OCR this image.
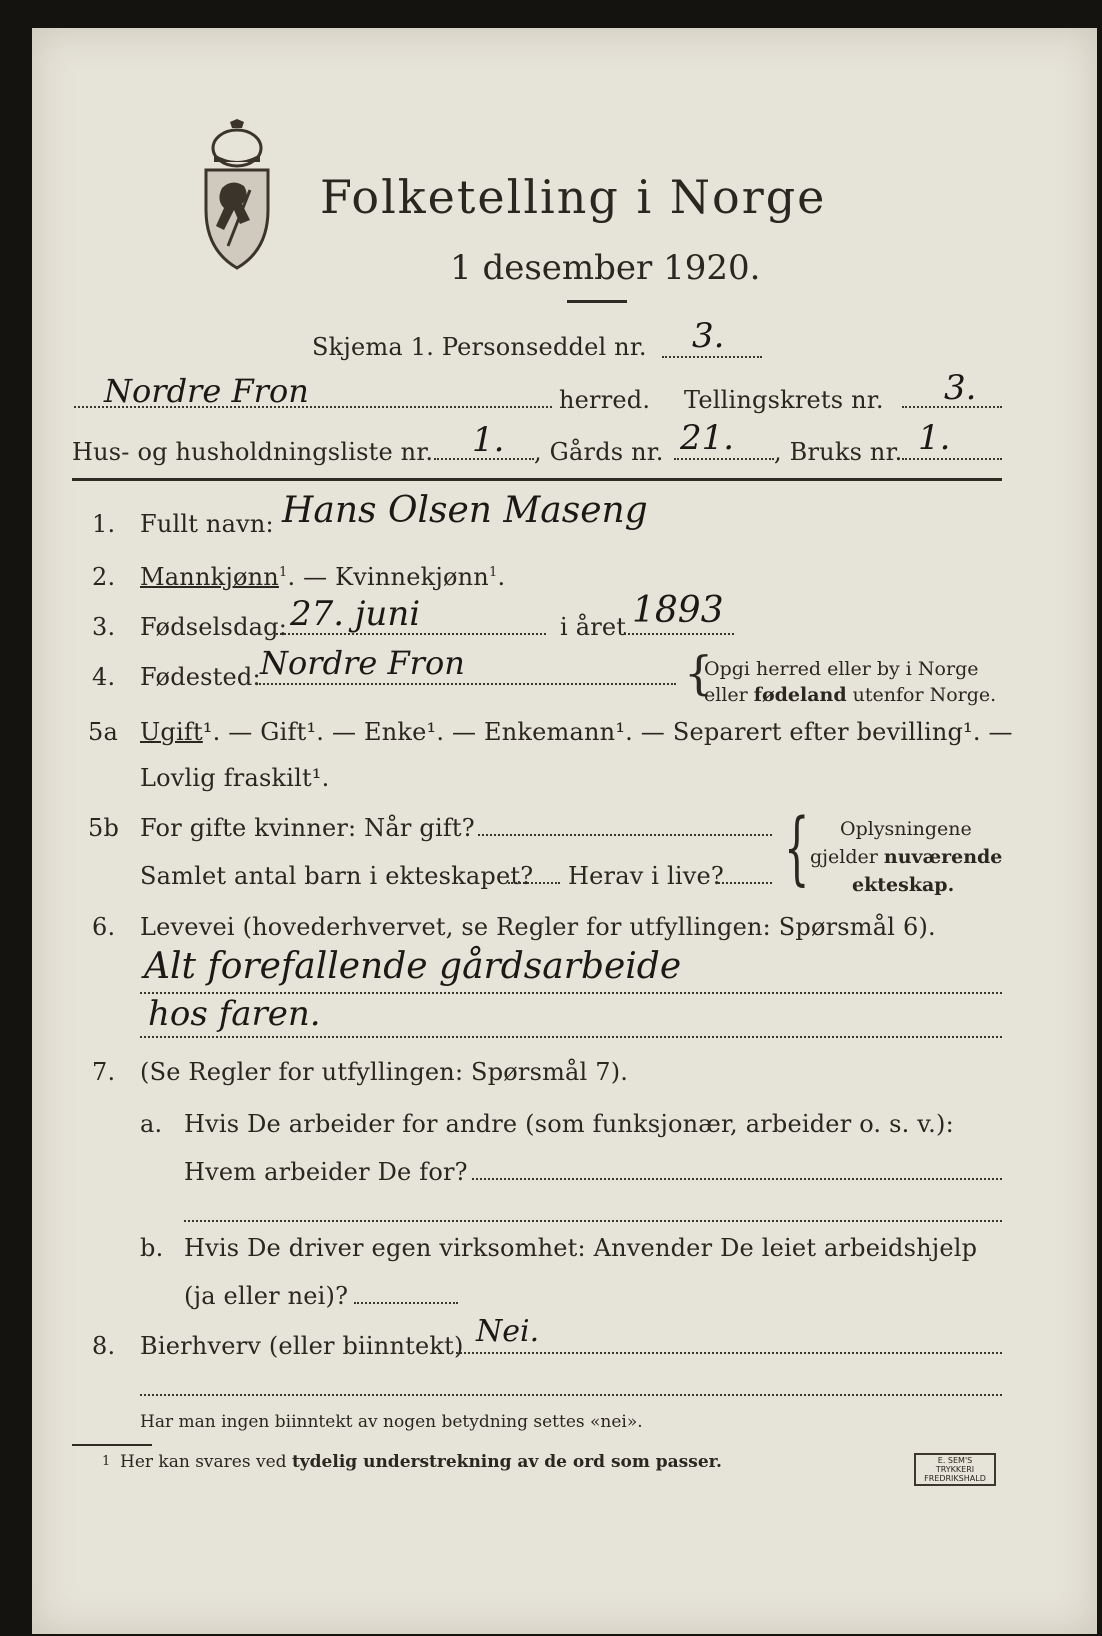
Folketelling i Norge
1 desember 1920.
Skjema 1. Personseddel nr. 3.
Nordre Fron	herred. Tellingskrets nr. 3.
Hus- og husholdningsliste nr. 1. , Gårds nr. 21. , Bruks nr. 1.
1. Fullt navn: Hans Olsen Maseng
2. Mannkjønn$^1$. — Kvinnekjønn$^1$.
3. Fødselsdag: 27. juni	i året 1893
4. Fødested: Nordre Fron	{
Opgi herred eller by i Norge
eller fødeland utenfor Norge.
5a Ugift¹. — Gift¹. — Enke¹. — Enkemann¹. — Separert efter bevilling¹. —
Lovlig fraskilt¹.
5b For gifte kvinner: Når gift?
Samlet antal barn i ekteskapet? Herav i live? { Oplysningene
gjelder nuværende
ekteskap.
6. Levevei (hovederhvervet, se Regler for utfyllingen: Spørsmål 6).
Alt forefallende gårdsarbeide
hos faren.
7. (Se Regler for utfyllingen: Spørsmål 7).
a. Hvis De arbeider for andre (som funksjonær, arbeider o. s. v.):
Hvem arbeider De for?
b. Hvis De driver egen virksomhet: Anvender De leiet arbeidshjelp
(ja eller nei)?
8. Bierhverv (eller biinntekt) Nei.
Har man ingen biinntekt av nogen betydning settes «nei».
1 Her kan svares ved tydelig understrekning av de ord som passer.	E. SEM'S TRYKKERI
FREDRIKSHALD
